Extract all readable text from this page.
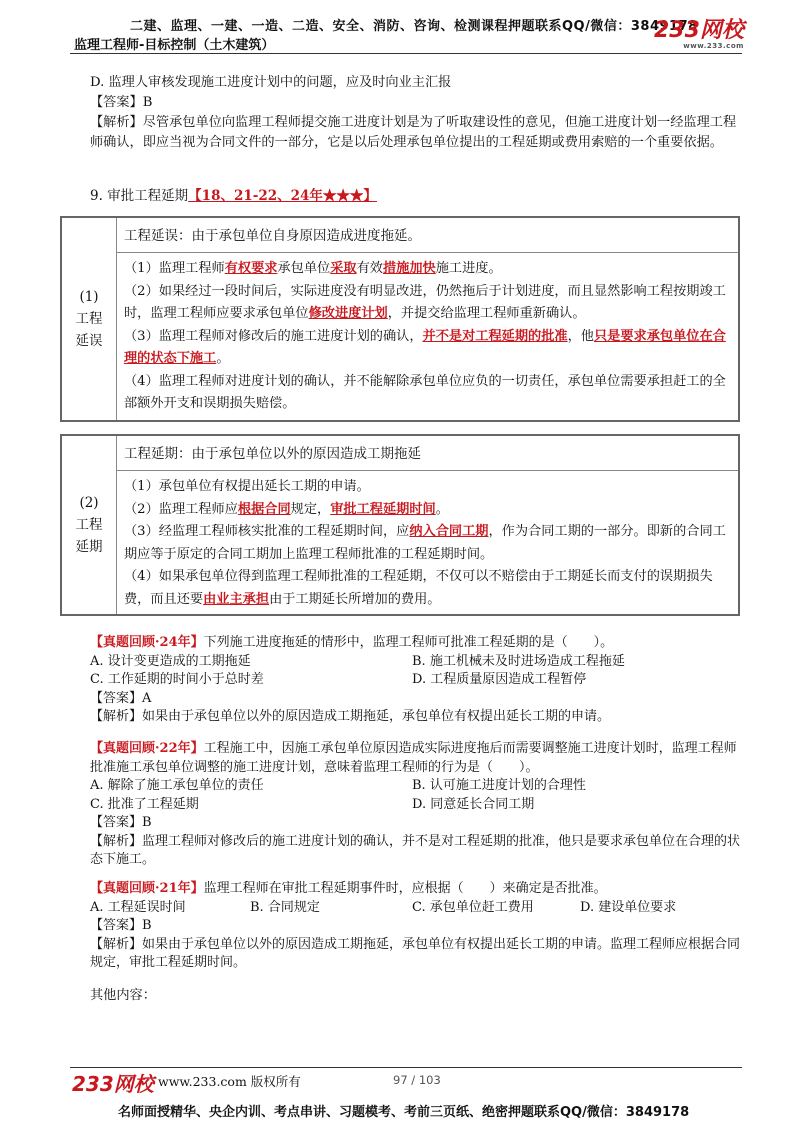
二建、监理、一建、一造、二造、安全、消防、咨询、检测课程押题联系QQ/微信：3849178
监理工程师-目标控制（土木建筑）
233网校
www.233.com
D. 监理人审核发现施工进度计划中的问题，应及时向业主汇报
【答案】B
【解析】尽管承包单位向监理工程师提交施工进度计划是为了听取建设性的意见，但施工进度计划一经监理工程师确认，即应当视为合同文件的一部分，它是以后处理承包单位提出的工程延期或费用索赔的一个重要依据。
9. 审批工程延期【18、21-22、24年★★★】
(1)
工程
延误
工程延误：由于承包单位自身原因造成进度拖延。
（1）监理工程师有权要求承包单位采取有效措施加快施工进度。
（2）如果经过一段时间后，实际进度没有明显改进，仍然拖后于计划进度，而且显然影响工程按期竣工时，监理工程师应要求承包单位修改进度计划，并提交给监理工程师重新确认。
（3）监理工程师对修改后的施工进度计划的确认，并不是对工程延期的批准，他只是要求承包单位在合理的状态下施工。
（4）监理工程师对进度计划的确认，并不能解除承包单位应负的一切责任，承包单位需要承担赶工的全部额外开支和误期损失赔偿。
(2)
工程
延期
工程延期：由于承包单位以外的原因造成工期拖延
（1）承包单位有权提出延长工期的申请。
（2）监理工程师应根据合同规定，审批工程延期时间。
（3）经监理工程师核实批准的工程延期时间，应纳入合同工期，作为合同工期的一部分。即新的合同工期应等于原定的合同工期加上监理工程师批准的工程延期时间。
（4）如果承包单位得到监理工程师批准的工程延期，不仅可以不赔偿由于工期延长而支付的误期损失费，而且还要由业主承担由于工期延长所增加的费用。
【真题回顾·24年】下列施工进度拖延的情形中，监理工程师可批准工程延期的是（　　）。
A. 设计变更造成的工期拖延	B. 施工机械未及时进场造成工程拖延
C. 工作延期的时间小于总时差	D. 工程质量原因造成工程暂停
【答案】A
【解析】如果由于承包单位以外的原因造成工期拖延，承包单位有权提出延长工期的申请。
【真题回顾·22年】工程施工中，因施工承包单位原因造成实际进度拖后而需要调整施工进度计划时，监理工程师批准施工承包单位调整的施工进度计划，意味着监理工程师的行为是（　　）。
A. 解除了施工承包单位的责任	B. 认可施工进度计划的合理性
C. 批准了工程延期	D. 同意延长合同工期
【答案】B
【解析】监理工程师对修改后的施工进度计划的确认，并不是对工程延期的批准，他只是要求承包单位在合理的状态下施工。
【真题回顾·21年】监理工程师在审批工程延期事件时，应根据（　　）来确定是否批准。
A. 工程延误时间	B. 合同规定	C. 承包单位赶工费用	D. 建设单位要求
【答案】B
【解析】如果由于承包单位以外的原因造成工期拖延，承包单位有权提出延长工期的申请。监理工程师应根据合同规定，审批工程延期时间。
其他内容：
233网校 www.233.com 版权所有	97 / 103
名师面授精华、央企内训、考点串讲、习题模考、考前三页纸、绝密押题联系QQ/微信：3849178
